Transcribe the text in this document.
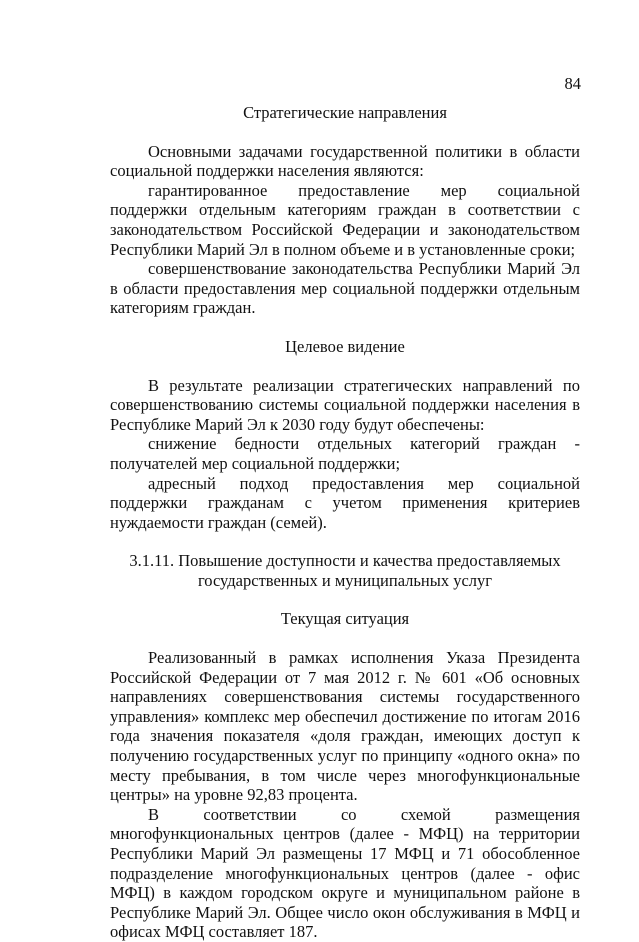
84

Стратегические направления

Основными задачами государственной политики в области социальной поддержки населения являются:

гарантированное предоставление мер социальной поддержки отдельным категориям граждан в соответствии с законодательством Российской Федерации и законодательством Республики Марий Эл в полном объеме и в установленные сроки;

совершенствование законодательства Республики Марий Эл в области предоставления мер социальной поддержки отдельным категориям граждан.

Целевое видение

В результате реализации стратегических направлений по совершенствованию системы социальной поддержки населения в Республике Марий Эл к 2030 году будут обеспечены:

снижение бедности отдельных категорий граждан - получателей мер социальной поддержки;

адресный подход предоставления мер социальной поддержки гражданам с учетом применения критериев нуждаемости граждан (семей).

3.1.11. Повышение доступности и качества предоставляемых

государственных и муниципальных услуг

Текущая ситуация

Реализованный в рамках исполнения Указа Президента Российской Федерации от 7 мая 2012 г. № 601 «Об основных направлениях совершенствования системы государственного управления» комплекс мер обеспечил достижение по итогам 2016 года значения показателя «доля граждан, имеющих доступ к получению государственных услуг по принципу «одного окна» по месту пребывания, в том числе через многофункциональные центры» на уровне 92,83 процента.

В соответствии со схемой размещения многофункциональных центров (далее - МФЦ) на территории Республики Марий Эл размещены 17 МФЦ и 71 обособленное подразделение многофункциональных центров (далее - офис МФЦ) в каждом городском округе и муниципальном районе в Республике Марий Эл. Общее число окон обслуживания в МФЦ и офисах МФЦ составляет 187.
